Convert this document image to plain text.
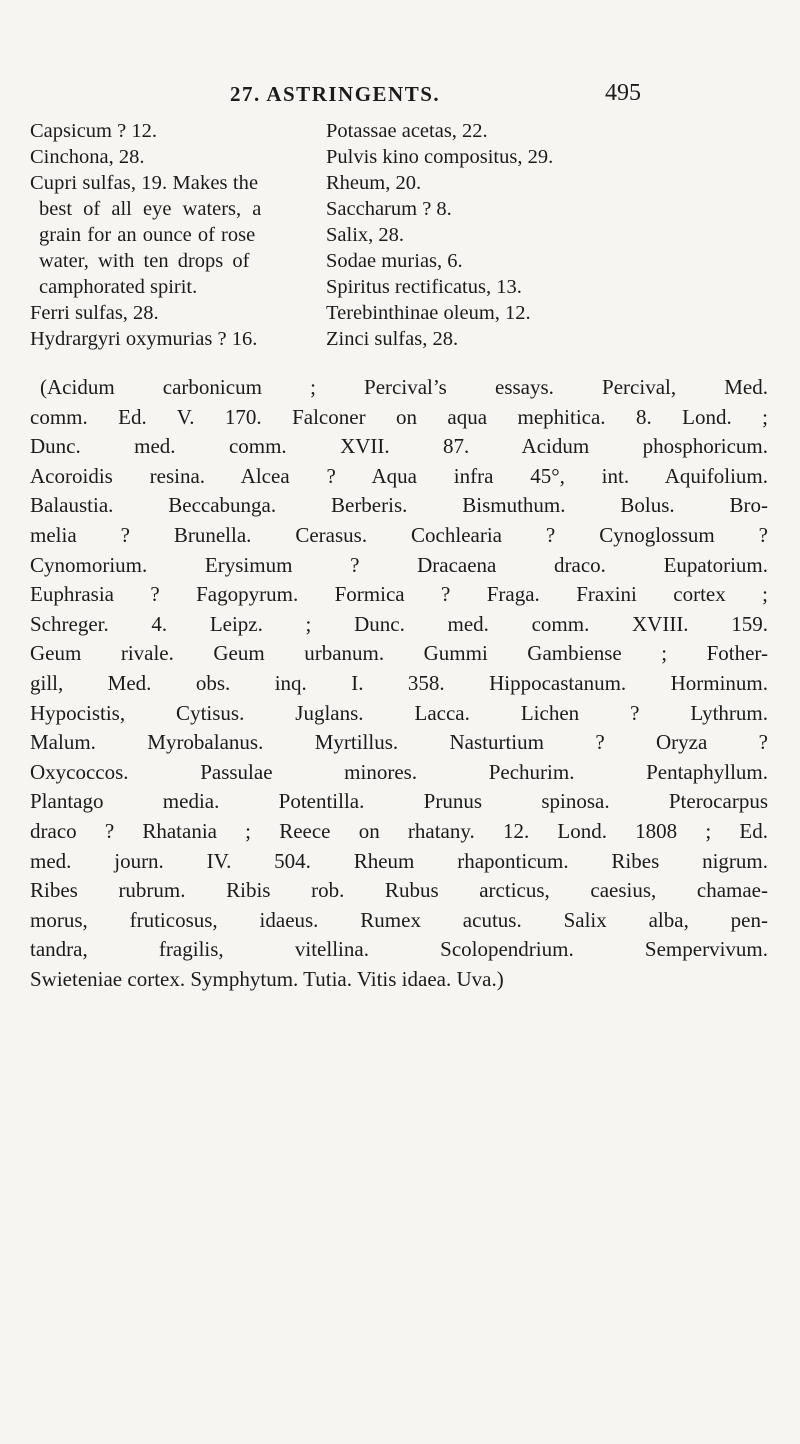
27. ASTRINGENTS.	495
Capsicum ? 12.
Cinchona, 28.
Cupri sulfas, 19. Makes the
best of all eye waters, a
grain for an ounce of rose
water, with ten drops of
camphorated spirit.
Ferri sulfas, 28.
Hydrargyri oxymurias ? 16.
Potassae acetas, 22.
Pulvis kino compositus, 29.
Rheum, 20.
Saccharum ? 8.
Salix, 28.
Sodae murias, 6.
Spiritus rectificatus, 13.
Terebinthinae oleum, 12.
Zinci sulfas, 28.
(Acidum carbonicum ; Percival’s essays. Percival, Med.
comm. Ed. V. 170. Falconer on aqua mephitica. 8. Lond. ;
Dunc. med. comm. XVII. 87. Acidum phosphoricum.
Acoroidis resina. Alcea ? Aqua infra 45°, int. Aquifolium.
Balaustia. Beccabunga. Berberis. Bismuthum. Bolus. Bro-
melia ? Brunella. Cerasus. Cochlearia ? Cynoglossum ?
Cynomorium. Erysimum ? Dracaena draco. Eupatorium.
Euphrasia ? Fagopyrum. Formica ? Fraga. Fraxini cortex ;
Schreger. 4. Leipz. ; Dunc. med. comm. XVIII. 159.
Geum rivale. Geum urbanum. Gummi Gambiense ; Fother-
gill, Med. obs. inq. I. 358. Hippocastanum. Horminum.
Hypocistis, Cytisus. Juglans. Lacca. Lichen ? Lythrum.
Malum. Myrobalanus. Myrtillus. Nasturtium ? Oryza ?
Oxycoccos. Passulae minores. Pechurim. Pentaphyllum.
Plantago media. Potentilla. Prunus spinosa. Pterocarpus
draco ? Rhatania ; Reece on rhatany. 12. Lond. 1808 ; Ed.
med. journ. IV. 504. Rheum rhaponticum. Ribes nigrum.
Ribes rubrum. Ribis rob. Rubus arcticus, caesius, chamae-
morus, fruticosus, idaeus. Rumex acutus. Salix alba, pen-
tandra, fragilis, vitellina. Scolopendrium. Sempervivum.
Swieteniae cortex. Symphytum. Tutia. Vitis idaea. Uva.)
